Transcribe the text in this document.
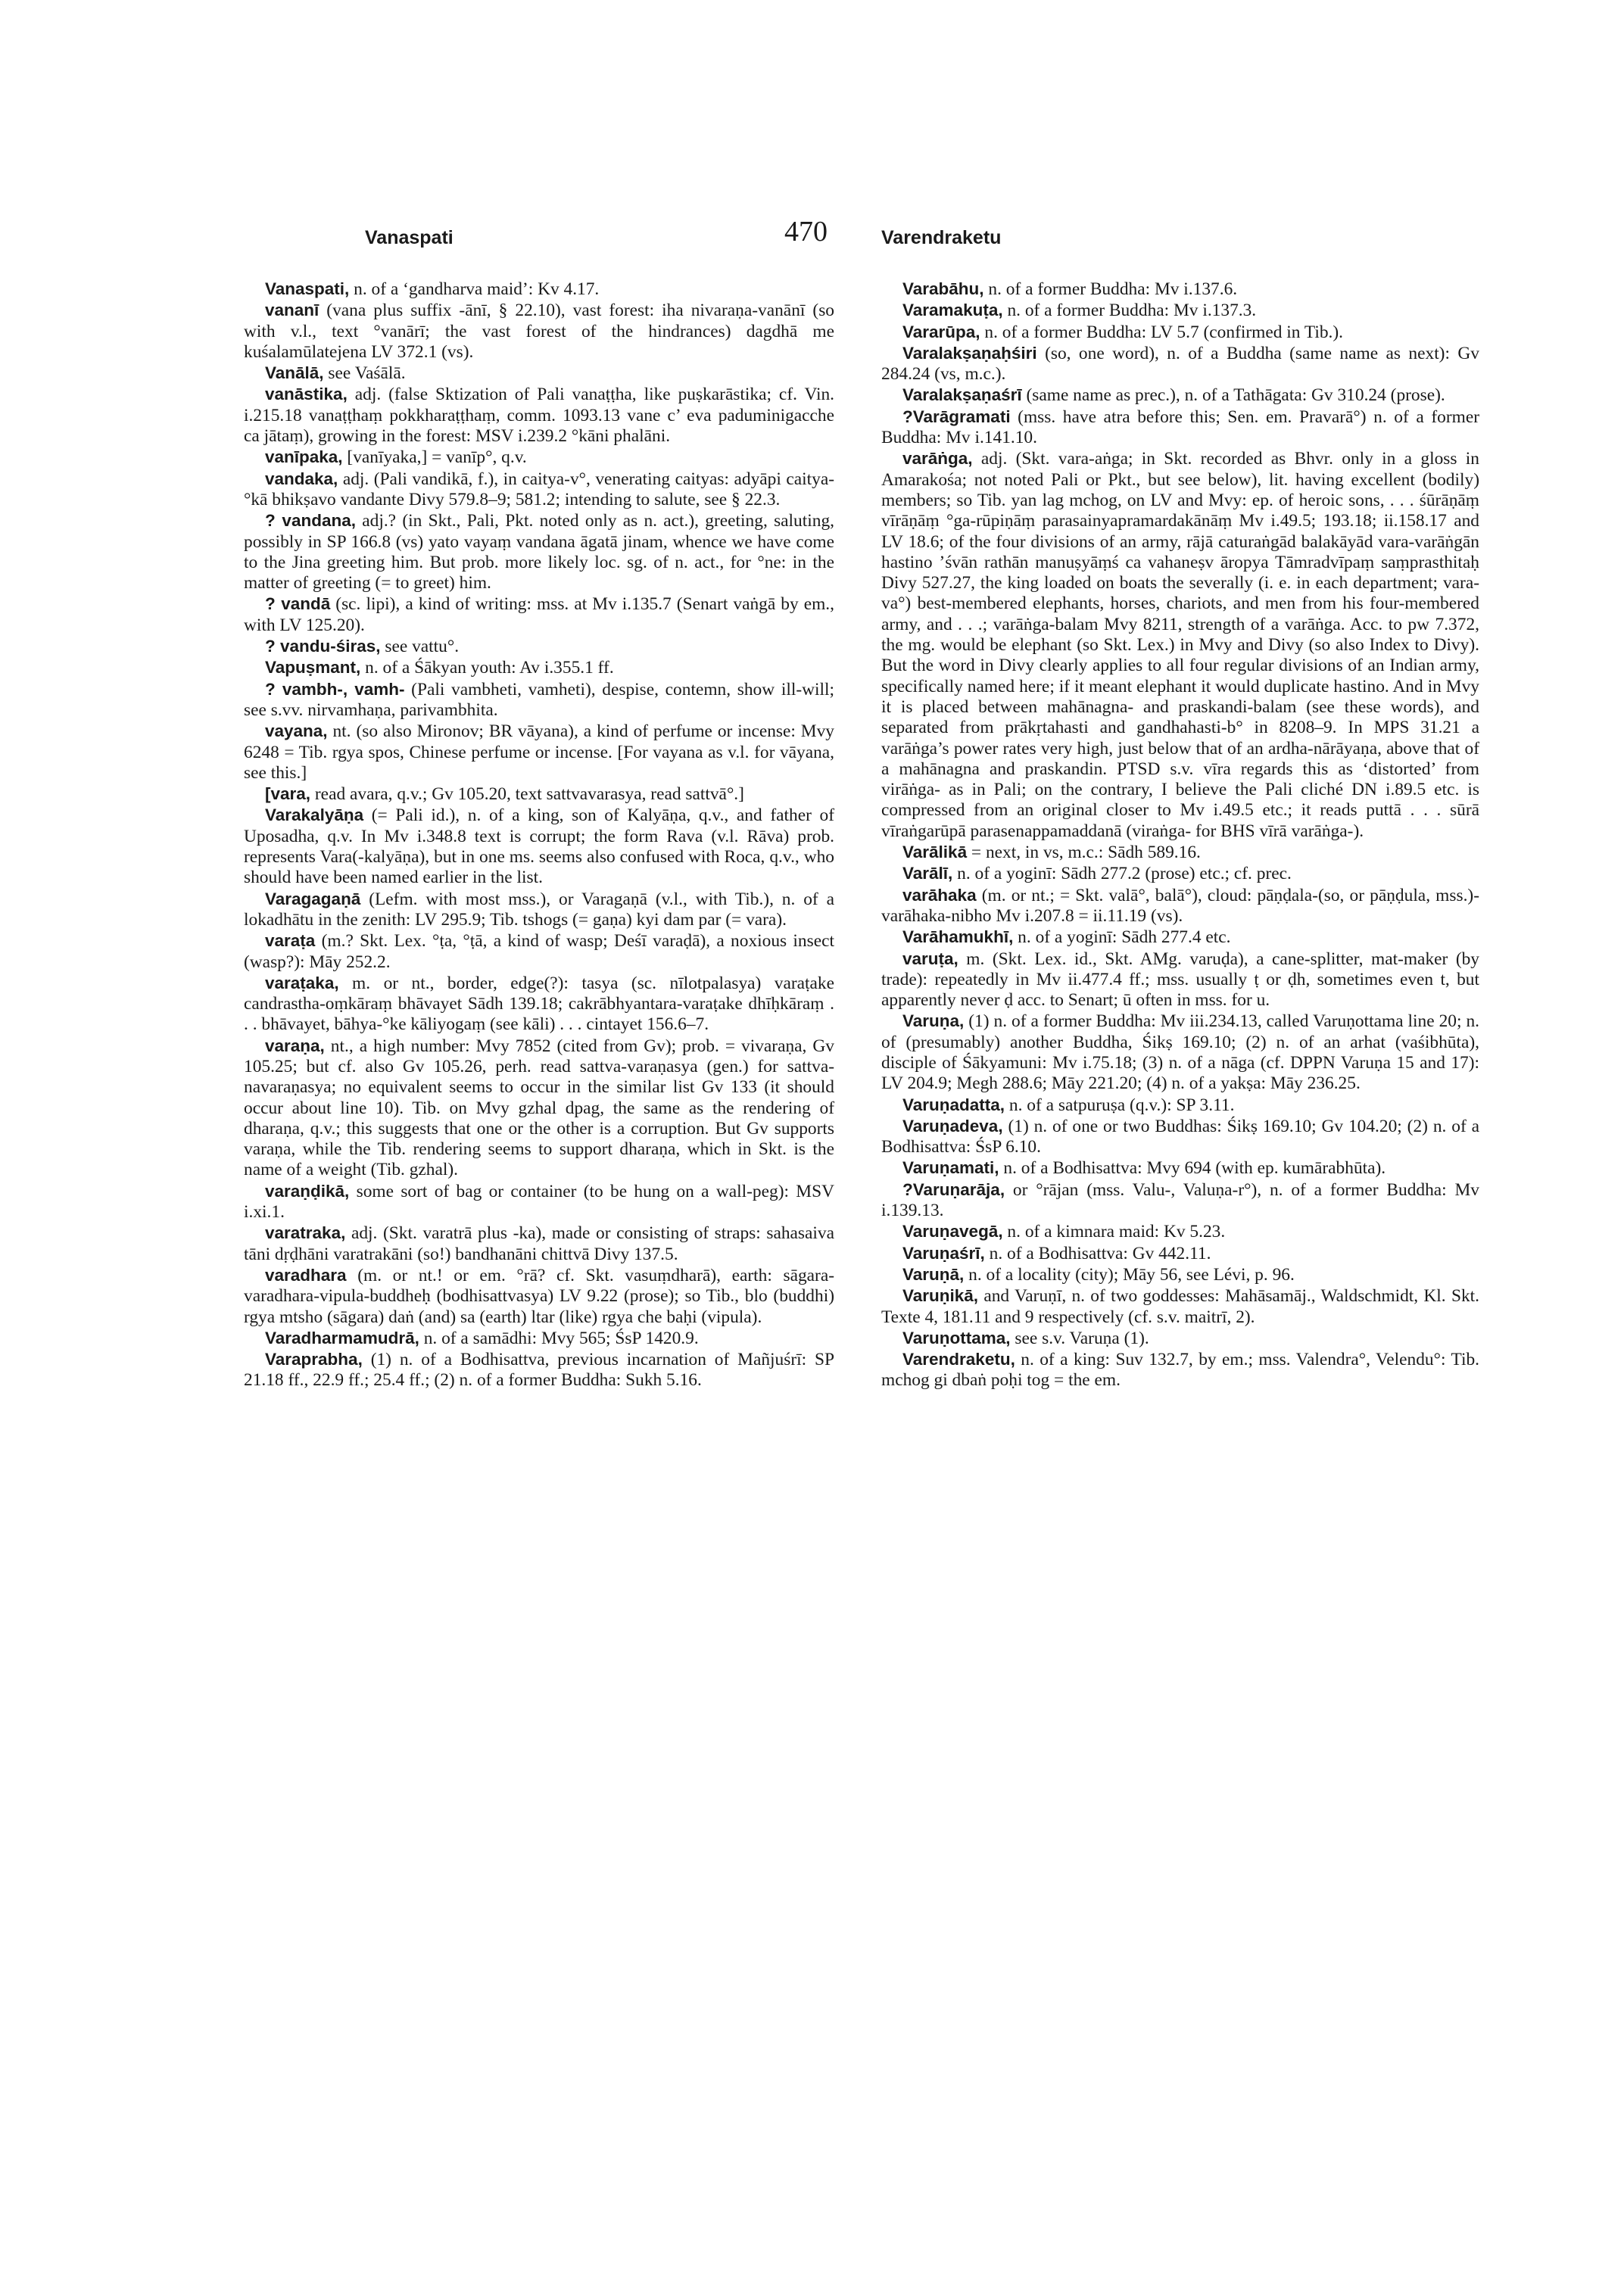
Vanaspati	470	Varendraketu

Vanaspati, n. of a ‘gandharva maid’: Kv 4.17.

vananī (vana plus suffix -ānī, § 22.10), vast forest: iha nivaraṇa-vanānī (so with v.l., text °vanārī; the vast forest of the hindrances) dagdhā me kuśalamūlatejena LV 372.1 (vs).

Vanālā, see Vaśālā.

vanāstika, adj. (false Sktization of Pali vanaṭṭha, like puṣkarāstika; cf. Vin. i.215.18 vanaṭṭhaṃ pokkharaṭṭhaṃ, comm. 1093.13 vane c’ eva paduminigacche ca jātaṃ), growing in the forest: MSV i.239.2 °kāni phalāni.

vanīpaka, [vanīyaka,] = vanīp°, q.v.

vandaka, adj. (Pali vandikā, f.), in caitya-v°, venerating caityas: adyāpi caitya-°kā bhikṣavo vandante Divy 579.8–9; 581.2; intending to salute, see § 22.3.

? vandana, adj.? (in Skt., Pali, Pkt. noted only as n. act.), greeting, saluting, possibly in SP 166.8 (vs) yato vayaṃ vandana āgatā jinam, whence we have come to the Jina greeting him. But prob. more likely loc. sg. of n. act., for °ne: in the matter of greeting (= to greet) him.

? vandā (sc. lipi), a kind of writing: mss. at Mv i.135.7 (Senart vaṅgā by em., with LV 125.20).

? vandu-śiras, see vattu°.

Vapuṣmant, n. of a Śākyan youth: Av i.355.1 ff.

? vambh-, vamh- (Pali vambheti, vamheti), despise, contemn, show ill-will; see s.vv. nirvamhaṇa, parivambhita.

vayana, nt. (so also Mironov; BR vāyana), a kind of perfume or incense: Mvy 6248 = Tib. rgya spos, Chinese perfume or incense. [For vayana as v.l. for vāyana, see this.]

[vara, read avara, q.v.; Gv 105.20, text sattvavarasya, read sattvā°.]

Varakalyāṇa (= Pali id.), n. of a king, son of Kalyāṇa, q.v., and father of Uposadha, q.v. In Mv i.348.8 text is corrupt; the form Rava (v.l. Rāva) prob. represents Vara(-kalyāṇa), but in one ms. seems also confused with Roca, q.v., who should have been named earlier in the list.

Varagagaṇā (Lefm. with most mss.), or Varagaṇā (v.l., with Tib.), n. of a lokadhātu in the zenith: LV 295.9; Tib. tshogs (= gaṇa) kyi dam par (= vara).

varaṭa (m.? Skt. Lex. °ṭa, °ṭā, a kind of wasp; Deśī varaḍā), a noxious insect (wasp?): Māy 252.2.

varaṭaka, m. or nt., border, edge(?): tasya (sc. nīlotpalasya) varaṭake candrastha-oṃkāraṃ bhāvayet Sādh 139.18; cakrābhyantara-varaṭake dhīḥkāraṃ . . . bhāvayet, bāhya-°ke kāliyogaṃ (see kāli) . . . cintayet 156.6–7.

varaṇa, nt., a high number: Mvy 7852 (cited from Gv); prob. = vivaraṇa, Gv 105.25; but cf. also Gv 105.26, perh. read sattva-varaṇasya (gen.) for sattva-navaraṇasya; no equivalent seems to occur in the similar list Gv 133 (it should occur about line 10). Tib. on Mvy gzhal dpag, the same as the rendering of dharaṇa, q.v.; this suggests that one or the other is a corruption. But Gv supports varaṇa, while the Tib. rendering seems to support dharaṇa, which in Skt. is the name of a weight (Tib. gzhal).

varaṇḍikā, some sort of bag or container (to be hung on a wall-peg): MSV i.xi.1.

varatraka, adj. (Skt. varatrā plus -ka), made or consisting of straps: sahasaiva tāni dṛḍhāni varatrakāni (so!) bandhanāni chittvā Divy 137.5.

varadhara (m. or nt.! or em. °rā? cf. Skt. vasuṃdharā), earth: sāgara-varadhara-vipula-buddheḥ (bodhisattvasya) LV 9.22 (prose); so Tib., blo (buddhi) rgya mtsho (sāgara) daṅ (and) sa (earth) ltar (like) rgya che baḥi (vipula).

Varadharmamudrā, n. of a samādhi: Mvy 565; ŚsP 1420.9.

Varaprabha, (1) n. of a Bodhisattva, previous incarnation of Mañjuśrī: SP 21.18 ff., 22.9 ff.; 25.4 ff.; (2) n. of a former Buddha: Sukh 5.16.

Varabāhu, n. of a former Buddha: Mv i.137.6.

Varamakuṭa, n. of a former Buddha: Mv i.137.3.

Vararūpa, n. of a former Buddha: LV 5.7 (confirmed in Tib.).

Varalakṣaṇaḥśiri (so, one word), n. of a Buddha (same name as next): Gv 284.24 (vs, m.c.).

Varalakṣaṇaśrī (same name as prec.), n. of a Tathāgata: Gv 310.24 (prose).

?Varāgramati (mss. have atra before this; Sen. em. Pravarā°) n. of a former Buddha: Mv i.141.10.

varāṅga, adj. (Skt. vara-aṅga; in Skt. recorded as Bhvr. only in a gloss in Amarakośa; not noted Pali or Pkt., but see below), lit. having excellent (bodily) members; so Tib. yan lag mchog, on LV and Mvy: ep. of heroic sons, . . . śūrāṇāṃ vīrāṇāṃ °ga-rūpiṇāṃ parasainyapramardakānāṃ Mv i.49.5; 193.18; ii.158.17 and LV 18.6; of the four divisions of an army, rājā caturaṅgād balakāyād vara-varāṅgān hastino ’śvān rathān manuṣyāṃś ca vahaneṣv āropya Tāmradvīpaṃ saṃprasthitaḥ Divy 527.27, the king loaded on boats the severally (i. e. in each department; vara-va°) best-membered elephants, horses, chariots, and men from his four-membered army, and . . .; varāṅga-balam Mvy 8211, strength of a varāṅga. Acc. to pw 7.372, the mg. would be elephant (so Skt. Lex.) in Mvy and Divy (so also Index to Divy). But the word in Divy clearly applies to all four regular divisions of an Indian army, specifically named here; if it meant elephant it would duplicate hastino. And in Mvy it is placed between mahānagna- and praskandi-balam (see these words), and separated from prākṛtahasti and gandhahasti-b° in 8208–9. In MPS 31.21 a varāṅga’s power rates very high, just below that of an ardha-nārāyaṇa, above that of a mahānagna and praskandin. PTSD s.v. vīra regards this as ‘distorted’ from virāṅga- as in Pali; on the contrary, I believe the Pali cliché DN i.89.5 etc. is compressed from an original closer to Mv i.49.5 etc.; it reads puttā . . . sūrā vīraṅgarūpā parasenappamaddanā (viraṅga- for BHS vīrā varāṅga-).

Varālikā = next, in vs, m.c.: Sādh 589.16.

Varālī, n. of a yoginī: Sādh 277.2 (prose) etc.; cf. prec.

varāhaka (m. or nt.; = Skt. valā°, balā°), cloud: pāṇḍala-(so, or pāṇḍula, mss.)-varāhaka-nibho Mv i.207.8 = ii.11.19 (vs).

Varāhamukhī, n. of a yoginī: Sādh 277.4 etc.

varuṭa, m. (Skt. Lex. id., Skt. AMg. varuḍa), a cane-splitter, mat-maker (by trade): repeatedly in Mv ii.477.4 ff.; mss. usually ṭ or ḍh, sometimes even t, but apparently never ḍ acc. to Senart; ū often in mss. for u.

Varuṇa, (1) n. of a former Buddha: Mv iii.234.13, called Varuṇottama line 20; n. of (presumably) another Buddha, Śikṣ 169.10; (2) n. of an arhat (vaśibhūta), disciple of Śākyamuni: Mv i.75.18; (3) n. of a nāga (cf. DPPN Varuṇa 15 and 17): LV 204.9; Megh 288.6; Māy 221.20; (4) n. of a yakṣa: Māy 236.25.

Varuṇadatta, n. of a satpuruṣa (q.v.): SP 3.11.

Varuṇadeva, (1) n. of one or two Buddhas: Śikṣ 169.10; Gv 104.20; (2) n. of a Bodhisattva: ŚsP 6.10.

Varuṇamati, n. of a Bodhisattva: Mvy 694 (with ep. kumārabhūta).

?Varuṇarāja, or °rājan (mss. Valu-, Valuṇa-r°), n. of a former Buddha: Mv i.139.13.

Varuṇavegā, n. of a kimnara maid: Kv 5.23.

Varuṇaśrī, n. of a Bodhisattva: Gv 442.11.

Varuṇā, n. of a locality (city); Māy 56, see Lévi, p. 96.

Varuṇikā, and Varuṇī, n. of two goddesses: Mahāsamāj., Waldschmidt, Kl. Skt. Texte 4, 181.11 and 9 respectively (cf. s.v. maitrī, 2).

Varuṇottama, see s.v. Varuṇa (1).

Varendraketu, n. of a king: Suv 132.7, by em.; mss. Valendra°, Velendu°: Tib. mchog gi dbaṅ poḥi tog = the em.
